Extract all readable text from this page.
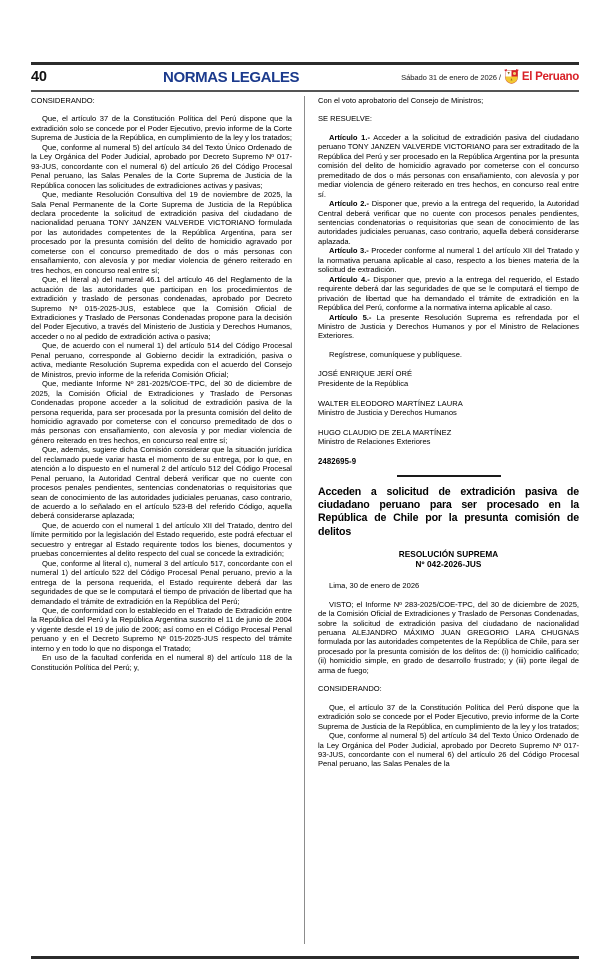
40	NORMAS LEGALES	Sábado 31 de enero de 2026 / El Peruano

CONSIDERANDO:

Que, el artículo 37 de la Constitución Política del Perú dispone que la extradición solo se concede por el Poder Ejecutivo, previo informe de la Corte Suprema de Justicia de la República, en cumplimiento de la ley y los tratados;

Que, conforme al numeral 5) del artículo 34 del Texto Único Ordenado de la Ley Orgánica del Poder Judicial, aprobado por Decreto Supremo Nº 017-93-JUS, concordante con el numeral 6) del artículo 26 del Código Procesal Penal peruano, las Salas Penales de la Corte Suprema de Justicia de la República conocen las solicitudes de extradiciones activas y pasivas;

Que, mediante Resolución Consultiva del 19 de noviembre de 2025, la Sala Penal Permanente de la Corte Suprema de Justicia de la República declara procedente la solicitud de extradición pasiva del ciudadano de nacionalidad peruana TONY JANZEN VALVERDE VICTORIANO formulada por las autoridades competentes de la República Argentina, para ser procesado por la presunta comisión del delito de homicidio agravado por cometerse con el concurso premeditado de dos o más personas con ensañamiento, con alevosía y por mediar violencia de género reiterado en tres hechos, en concurso real entre sí;

Que, el literal a) del numeral 46.1 del artículo 46 del Reglamento de la actuación de las autoridades que participan en los procedimientos de extradición y traslado de personas condenadas, aprobado por Decreto Supremo Nº 015-2025-JUS, establece que la Comisión Oficial de Extradiciones y Traslado de Personas Condenadas propone para la decisión del Poder Ejecutivo, a través del Ministerio de Justicia y Derechos Humanos, acceder o no al pedido de extradición activa o pasiva;

Que, de acuerdo con el numeral 1) del artículo 514 del Código Procesal Penal peruano, corresponde al Gobierno decidir la extradición, pasiva o activa, mediante Resolución Suprema expedida con el acuerdo del Consejo de Ministros, previo informe de la referida Comisión Oficial;

Que, mediante Informe Nº 281-2025/COE-TPC, del 30 de diciembre de 2025, la Comisión Oficial de Extradiciones y Traslado de Personas Condenadas propone acceder a la solicitud de extradición pasiva de la persona requerida, para ser procesada por la presunta comisión del delito de homicidio agravado por cometerse con el concurso premeditado de dos o más personas con ensañamiento, con alevosía y por mediar violencia de género reiterado en tres hechos, en concurso real entre sí;

Que, además, sugiere dicha Comisión considerar que la situación jurídica del reclamado puede variar hasta el momento de su entrega, por lo que, en atención a lo dispuesto en el numeral 2 del artículo 512 del Código Procesal Penal peruano, la Autoridad Central deberá verificar que no cuente con procesos penales pendientes, sentencias condenatorias o requisitorias que sean de conocimiento de las autoridades judiciales peruanas, caso contrario, de acuerdo a lo señalado en el artículo 523-B del referido Código, aquella deberá considerarse aplazada;

Que, de acuerdo con el numeral 1 del artículo XII del Tratado, dentro del límite permitido por la legislación del Estado requerido, este podrá efectuar el secuestro y entregar al Estado requirente todos los bienes, documentos y pruebas concernientes al delito respecto del cual se concede la extradición;

Que, conforme al literal c), numeral 3 del artículo 517, concordante con el numeral 1) del artículo 522 del Código Procesal Penal peruano, previo a la entrega de la persona requerida, el Estado requirente deberá dar las seguridades de que se le computará el tiempo de privación de libertad que ha demandado el trámite de extradición en la República del Perú;

Que, de conformidad con lo establecido en el Tratado de Extradición entre la República del Perú y la República Argentina suscrito el 11 de junio de 2004 y vigente desde el 19 de julio de 2006; así como en el Código Procesal Penal peruano y en el Decreto Supremo Nº 015-2025-JUS respecto del trámite interno y en todo lo que no disponga el Tratado;

En uso de la facultad conferida en el numeral 8) del artículo 118 de la Constitución Política del Perú; y,

Con el voto aprobatorio del Consejo de Ministros;

SE RESUELVE:

Artículo 1.- Acceder a la solicitud de extradición pasiva del ciudadano peruano TONY JANZEN VALVERDE VICTORIANO para ser extraditado de la República del Perú y ser procesado en la República Argentina por la presunta comisión del delito de homicidio agravado por cometerse con el concurso premeditado de dos o más personas con ensañamiento, con alevosía y por mediar violencia de género reiterado en tres hechos, en concurso real entre sí.

Artículo 2.- Disponer que, previo a la entrega del requerido, la Autoridad Central deberá verificar que no cuente con procesos penales pendientes, sentencias condenatorias o requisitorias que sean de conocimiento de las autoridades judiciales peruanas, caso contrario, aquella deberá considerarse aplazada.

Artículo 3.- Proceder conforme al numeral 1 del artículo XII del Tratado y la normativa peruana aplicable al caso, respecto a los bienes materia de la solicitud de extradición.

Artículo 4.- Disponer que, previo a la entrega del requerido, el Estado requirente deberá dar las seguridades de que se le computará el tiempo de privación de libertad que ha demandado el trámite de extradición en la República del Perú, conforme a la normativa interna aplicable al caso.

Artículo 5.- La presente Resolución Suprema es refrendada por el Ministro de Justicia y Derechos Humanos y por el Ministro de Relaciones Exteriores.

Regístrese, comuníquese y publíquese.

JOSÉ ENRIQUE JERÍ ORÉ
Presidente de la República
WALTER ELEODORO MARTÍNEZ LAURA
Ministro de Justicia y Derechos Humanos
HUGO CLAUDIO DE ZELA MARTÍNEZ
Ministro de Relaciones Exteriores
2482695-9
Acceden a solicitud de extradición pasiva de ciudadano peruano para ser procesado en la República de Chile por la presunta comisión de delitos
RESOLUCIÓN SUPREMA
Nº 042-2026-JUS

Lima, 30 de enero de 2026

VISTO; el Informe Nº 283-2025/COE-TPC, del 30 de diciembre de 2025, de la Comisión Oficial de Extradiciones y Traslado de Personas Condenadas, sobre la solicitud de extradición pasiva del ciudadano de nacionalidad peruana ALEJANDRO MÁXIMO JUAN GREGORIO LARA CHUGNAS formulada por las autoridades competentes de la República de Chile, para ser procesado por la presunta comisión de los delitos de: (i) homicidio calificado; (ii) homicidio simple, en grado de desarrollo frustrado; y (iii) porte ilegal de arma de fuego;

CONSIDERANDO:

Que, el artículo 37 de la Constitución Política del Perú dispone que la extradición solo se concede por el Poder Ejecutivo, previo informe de la Corte Suprema de Justicia de la República, en cumplimiento de la ley y los tratados;

Que, conforme al numeral 5) del artículo 34 del Texto Único Ordenado de la Ley Orgánica del Poder Judicial, aprobado por Decreto Supremo Nº 017-93-JUS, concordante con el numeral 6) del artículo 26 del Código Procesal Penal peruano, las Salas Penales de la
